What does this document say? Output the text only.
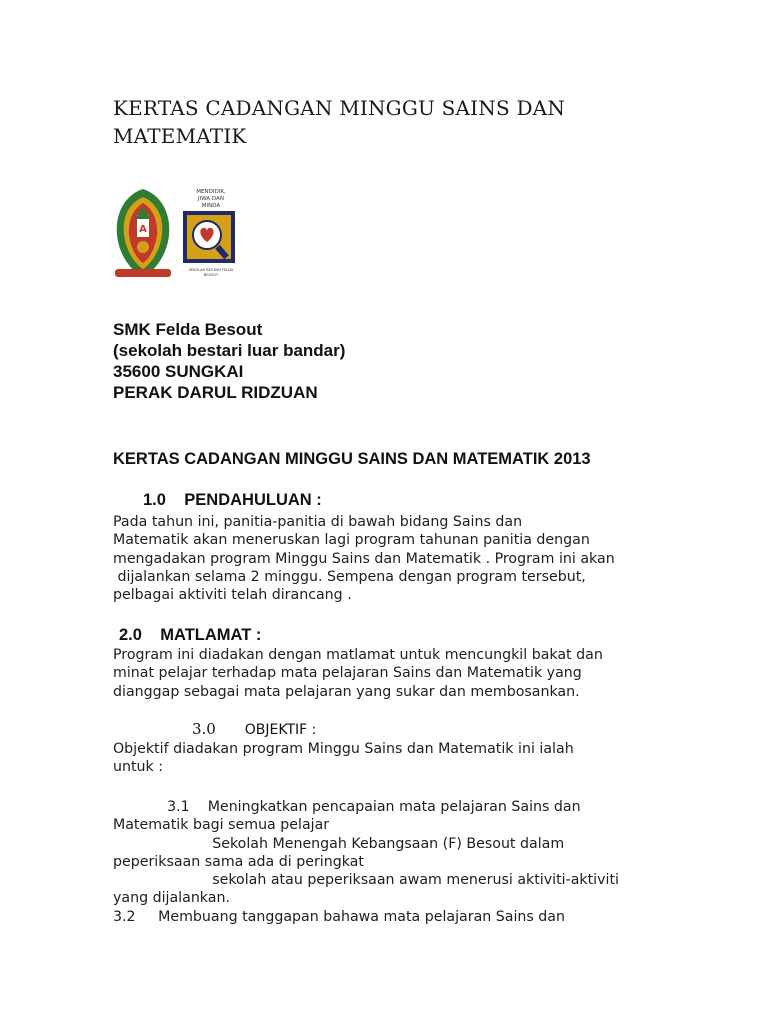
KERTAS CADANGAN MINGGU SAINS DAN
MATEMATIK
A
MENDIDIK,
JIWA DAN
MINDA
SEKOLAH BESTARI FELDA
BESOUT
SMK Felda Besout
(sekolah bestari luar bandar)
35600 SUNGKAI
PERAK DARUL RIDZUAN
KERTAS CADANGAN MINGGU SAINS DAN MATEMATIK 2013
1.0    PENDAHULUAN :
Pada tahun ini, panitia-panitia di bawah bidang Sains dan
Matematik akan meneruskan lagi program tahunan panitia dengan
mengadakan program Minggu Sains dan Matematik . Program ini akan
dijalankan selama 2 minggu. Sempena dengan program tersebut,
pelbagai aktiviti telah dirancang .
2.0    MATLAMAT :
Program ini diadakan dengan matlamat untuk mencungkil bakat dan
minat pelajar terhadap mata pelajaran Sains dan Matematik yang
dianggap sebagai mata pelajaran yang sukar dan membosankan.
3.0 OBJEKTIF :
Objektif diadakan program Minggu Sains dan Matematik ini ialah
untuk :
3.1    Meningkatkan pencapaian mata pelajaran Sains dan
Matematik bagi semua pelajar
Sekolah Menengah Kebangsaan (F) Besout dalam
peperiksaan sama ada di peringkat
sekolah atau peperiksaan awam menerusi aktiviti-aktiviti
yang dijalankan.
3.2     Membuang tanggapan bahawa mata pelajaran Sains dan
